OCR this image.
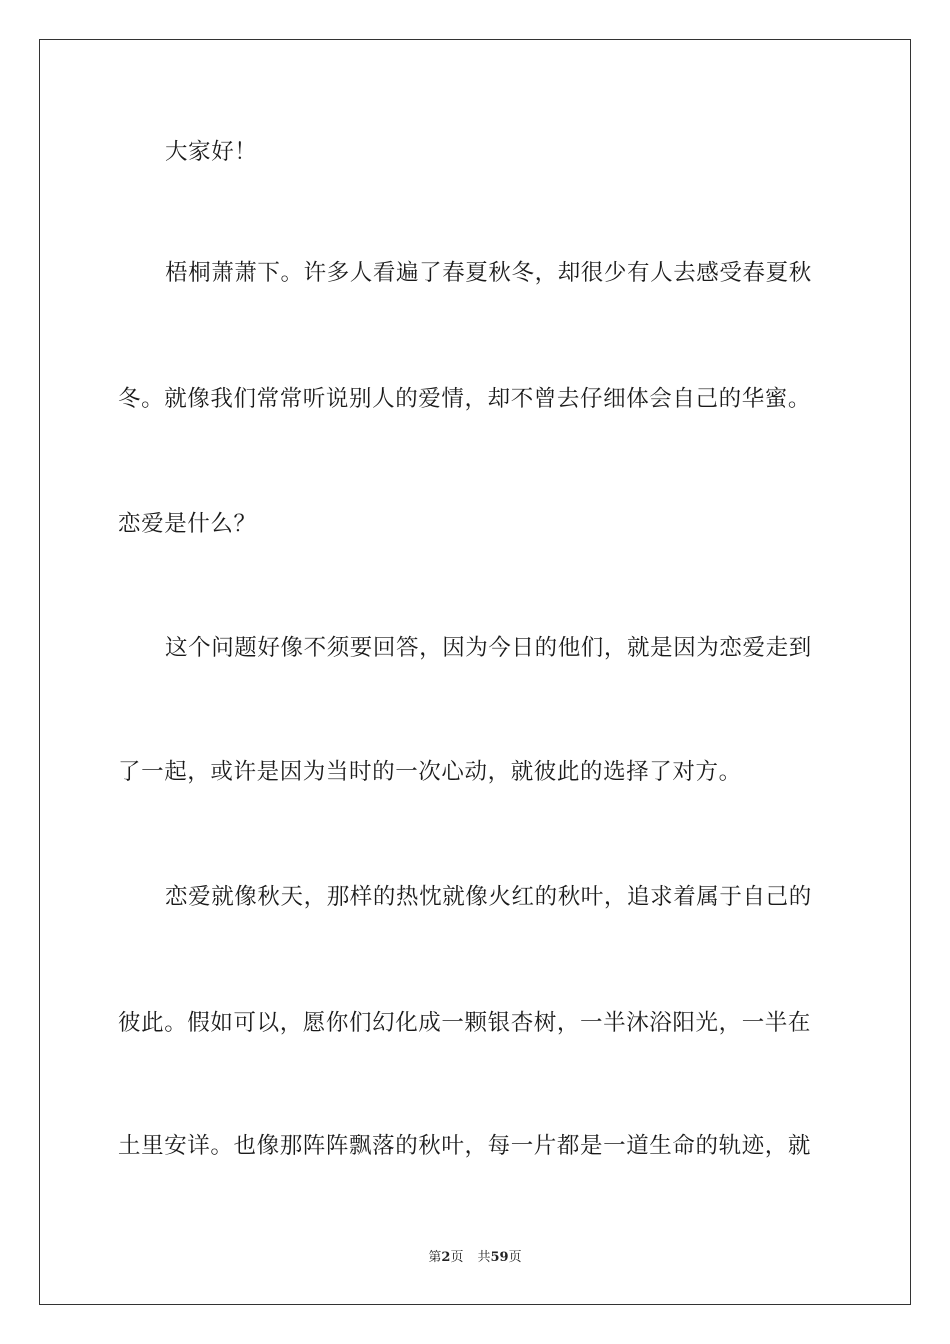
大家好！
梧桐萧萧下。许多人看遍了春夏秋冬，却很少有人去感受春夏秋
冬。就像我们常常听说别人的爱情，却不曾去仔细体会自己的华蜜。
恋爱是什么？
这个问题好像不须要回答，因为今日的他们，就是因为恋爱走到
了一起，或许是因为当时的一次心动，就彼此的选择了对方。
恋爱就像秋天，那样的热忱就像火红的秋叶，追求着属于自己的
彼此。假如可以，愿你们幻化成一颗银杏树，一半沐浴阳光，一半在
土里安详。也像那阵阵飘落的秋叶，每一片都是一道生命的轨迹，就
第2页 共59页
